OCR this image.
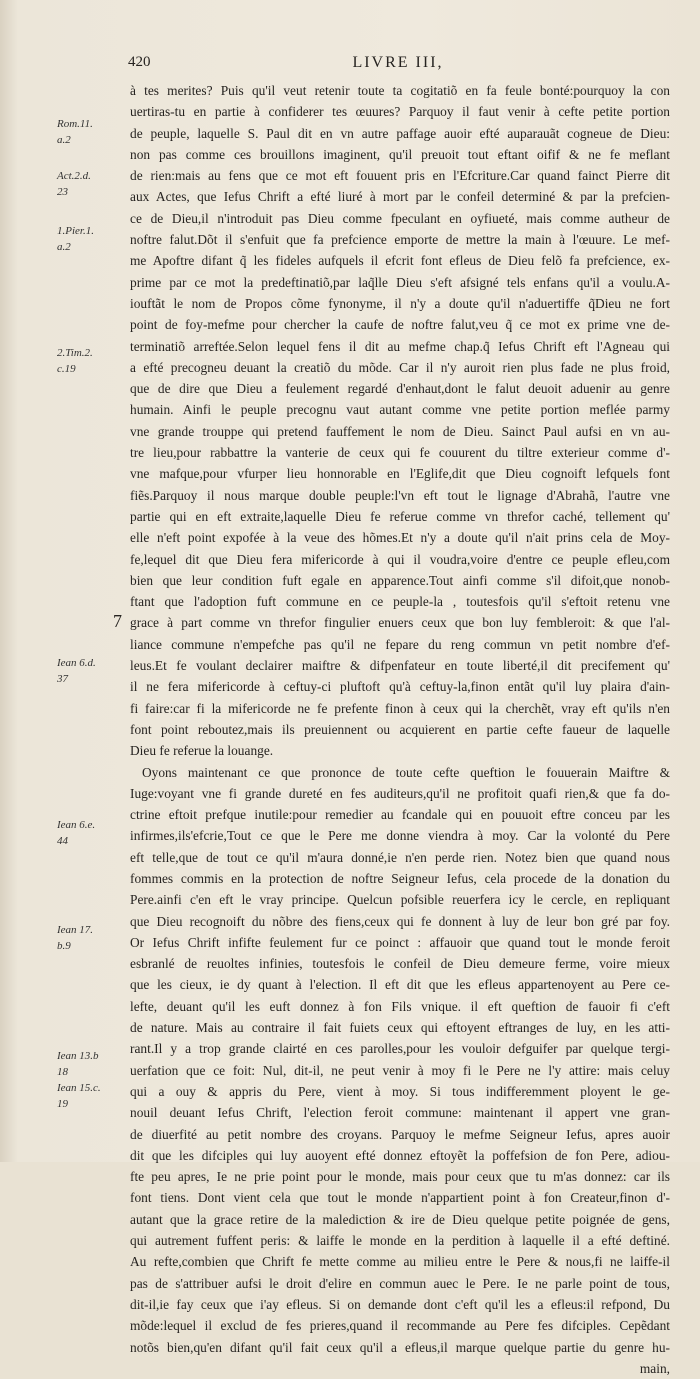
420	LIVRE III,
Rom.11.
a.2
Act.2.d.
23
1.Pier.1.
a.2
2.Tim.2.
c.19
Iean 6.d.
37
Iean 6.e.
44
Iean 17.
b.9
Iean 13.b
18
Iean 15.c.
19
7
à tes merites? Puis qu'il veut retenir toute ta cogitatiõ en fa feule bonté:pourquoy la con
uertiras-tu en partie à confiderer tes œuures? Parquoy il faut venir à cefte petite portion
de peuple, laquelle S. Paul dit en vn autre paffage auoir efté auparauãt cogneue de Dieu:
non pas comme ces brouillons imaginent, qu'il preuoit tout eftant oifif & ne fe meflant
de rien:mais au fens que ce mot eft fouuent pris en l'Efcriture.Car quand fainct Pierre dit
aux Actes, que Iefus Chrift a efté liuré à mort par le confeil determiné & par la prefcien-
ce de Dieu,il n'introduit pas Dieu comme fpeculant en oyfiueté, mais comme autheur de
noftre falut.Dõt il s'enfuit que fa prefcience emporte de mettre la main à l'œuure. Le mef-
me Apoftre difant q̃ les fideles aufquels il efcrit font efleus de Dieu felõ fa prefcience, ex-
prime par ce mot la predeftinatiõ,par laq̃lle Dieu s'eft afsigné tels enfans qu'il a voulu.A-
iouftãt le nom de Propos cõme fynonyme, il n'y a doute qu'il n'aduertiffe q̃Dieu ne fort
point de foy-mefme pour chercher la caufe de noftre falut,veu q̃ ce mot ex prime vne de-
terminatiõ arreftée.Selon lequel fens il dit au mefme chap.q̃ Iefus Chrift eft l'Agneau qui
a efté precogneu deuant la creatiõ du mõde. Car il n'y auroit rien plus fade ne plus froid,
que de dire que Dieu a feulement regardé d'enhaut,dont le falut deuoit aduenir au genre
humain. Ainfi le peuple precognu vaut autant comme vne petite portion meflée parmy
vne grande trouppe qui pretend fauffement le nom de Dieu. Sainct Paul aufsi en vn au-
tre lieu,pour rabbattre la vanterie de ceux qui fe couurent du tiltre exterieur comme d'-
vne mafque,pour vfurper lieu honnorable en l'Eglife,dit que Dieu cognoift lefquels font
fiẽs.Parquoy il nous marque double peuple:l'vn eft tout le lignage d'Abrahã, l'autre vne
partie qui en eft extraite,laquelle Dieu fe referue comme vn threfor caché, tellement qu'
elle n'eft point expofée à la veue des hõmes.Et n'y a doute qu'il n'ait prins cela de Moy-
fe,lequel dit que Dieu fera mifericorde à qui il voudra,voire d'entre ce peuple efleu,com
bien que leur condition fuft egale en apparence.Tout ainfi comme s'il difoit,que nonob-
ftant que l'adoption fuft commune en ce peuple-la , toutesfois qu'il s'eftoit retenu vne
grace à part comme vn threfor fingulier enuers ceux que bon luy fembleroit: & que l'al-
liance commune n'empefche pas qu'il ne fepare du reng commun vn petit nombre d'ef-
leus.Et fe voulant declairer maiftre & difpenfateur en toute liberté,il dit precifement qu'
il ne fera mifericorde à ceftuy-ci pluftoft qu'à ceftuy-la,finon entãt qu'il luy plaira d'ain-
fi faire:car fi la mifericorde ne fe prefente finon à ceux qui la cherchẽt, vray eft qu'ils n'en
font point reboutez,mais ils preuiennent ou acquierent en partie cefte faueur de laquelle
Dieu fe referue la louange.
Oyons maintenant ce que prononce de toute cefte queftion le fouuerain Maiftre &
Iuge:voyant vne fi grande dureté en fes auditeurs,qu'il ne profitoit quafi rien,& que fa do-
ctrine eftoit prefque inutile:pour remedier au fcandale qui en pouuoit eftre conceu par les
infirmes,ils'efcrie,Tout ce que le Pere me donne viendra à moy. Car la volonté du Pere
eft telle,que de tout ce qu'il m'aura donné,ie n'en perde rien. Notez bien que quand nous
fommes commis en la protection de noftre Seigneur Iefus, cela procede de la donation du
Pere.ainfi c'en eft le vray principe. Quelcun pofsible reuerfera icy le cercle, en repliquant
que Dieu recognoift du nõbre des fiens,ceux qui fe donnent à luy de leur bon gré par foy.
Or Iefus Chrift infifte feulement fur ce poinct : affauoir que quand tout le monde feroit
esbranlé de reuoltes infinies, toutesfois le confeil de Dieu demeure ferme, voire mieux
que les cieux, ie dy quant à l'election. Il eft dit que les efleus appartenoyent au Pere ce-
lefte, deuant qu'il les euft donnez à fon Fils vnique. il eft queftion de fauoir fi c'eft
de nature. Mais au contraire il fait fuiets ceux qui eftoyent eftranges de luy, en les atti-
rant.Il y a trop grande clairté en ces parolles,pour les vouloir defguifer par quelque tergi-
uerfation que ce foit: Nul, dit-il, ne peut venir à moy fi le Pere ne l'y attire: mais celuy
qui a ouy & appris du Pere, vient à moy. Si tous indifferemment ployent le ge-
nouil deuant Iefus Chrift, l'election feroit commune: maintenant il appert vne gran-
de diuerfité au petit nombre des croyans. Parquoy le mefme Seigneur Iefus, apres auoir
dit que les difciples qui luy auoyent efté donnez eftoyẽt la poffefsion de fon Pere, adiou-
fte peu apres, Ie ne prie point pour le monde, mais pour ceux que tu m'as donnez: car ils
font tiens. Dont vient cela que tout le monde n'appartient point à fon Createur,finon d'-
autant que la grace retire de la malediction & ire de Dieu quelque petite poignée de gens,
qui autrement fuffent peris: & laiffe le monde en la perdition à laquelle il a efté deftiné.
Au refte,combien que Chrift fe mette comme au milieu entre le Pere & nous,fi ne laiffe-il
pas de s'attribuer aufsi le droit d'elire en commun auec le Pere. Ie ne parle point de tous,
dit-il,ie fay ceux que i'ay efleus. Si on demande dont c'eft qu'il les a efleus:il refpond, Du
mõde:lequel il exclud de fes prieres,quand il recommande au Pere fes difciples. Cepẽdant
notõs bien,qu'en difant qu'il fait ceux qu'il a efleus,il marque quelque partie du genre hu-
main,
